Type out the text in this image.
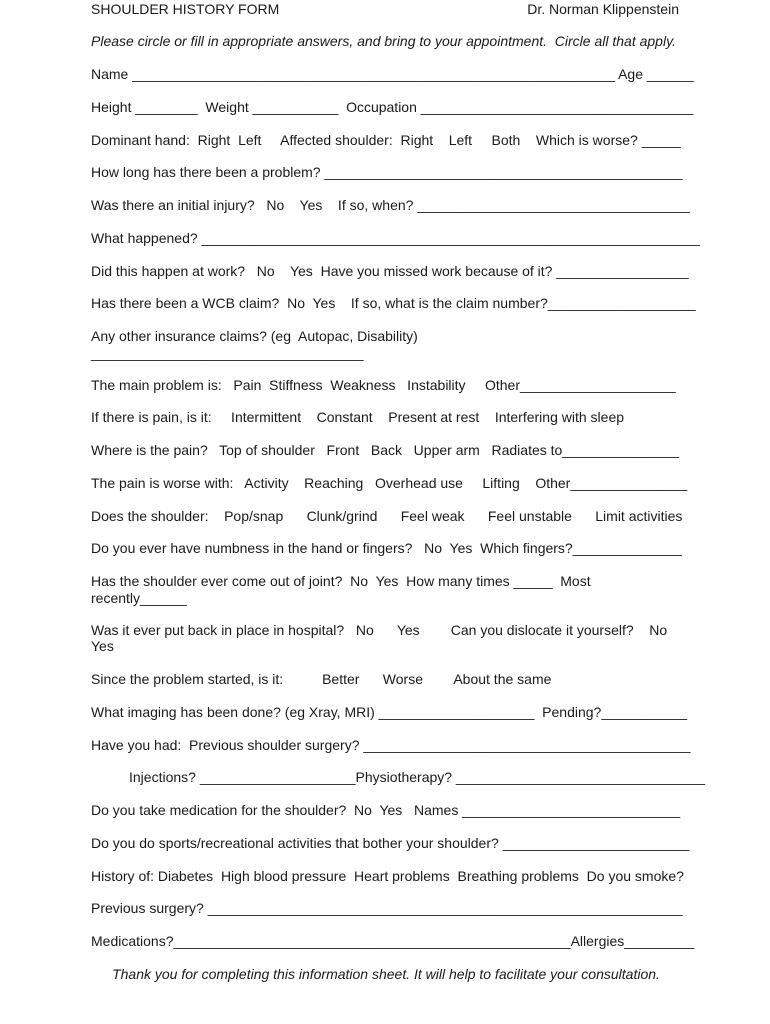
SHOULDER HISTORY FORM	Dr. Norman Klippenstein
Please circle or fill in appropriate answers, and bring to your appointment.  Circle all that apply.
Name ______________________________________________________________ Age ______
Height ________  Weight ___________  Occupation ___________________________________
Dominant hand:  Right  Left     Affected shoulder:  Right    Left     Both    Which is worse? _____
How long has there been a problem? ______________________________________________
Was there an initial injury?   No    Yes    If so, when? ___________________________________
What happened? ________________________________________________________________
Did this happen at work?   No    Yes  Have you missed work because of it? _________________
Has there been a WCB claim?  No  Yes    If so, what is the claim number?___________________
Any other insurance claims? (eg  Autopac, Disability)
___________________________________
The main problem is:   Pain  Stiffness  Weakness   Instability     Other____________________
If there is pain, is it:     Intermittent    Constant    Present at rest    Interfering with sleep
Where is the pain?   Top of shoulder   Front   Back   Upper arm   Radiates to_______________
The pain is worse with:   Activity    Reaching   Overhead use     Lifting    Other_______________
Does the shoulder:    Pop/snap      Clunk/grind      Feel weak      Feel unstable      Limit activities
Do you ever have numbness in the hand or fingers?   No  Yes  Which fingers?______________
Has the shoulder ever come out of joint?  No  Yes  How many times _____  Most
recently______
Was it ever put back in place in hospital?   No      Yes        Can you dislocate it yourself?    No
Yes
Since the problem started, is it:          Better      Worse        About the same
What imaging has been done? (eg Xray, MRI) ____________________  Pending?___________
Have you had:  Previous shoulder surgery? __________________________________________
Injections? ____________________Physiotherapy? ________________________________
Do you take medication for the shoulder?  No  Yes   Names ____________________________
Do you do sports/recreational activities that bother your shoulder? ________________________
History of: Diabetes  High blood pressure  Heart problems  Breathing problems  Do you smoke?
Previous surgery? _____________________________________________________________
Medications?___________________________________________________Allergies_________
Thank you for completing this information sheet. It will help to facilitate your consultation.
